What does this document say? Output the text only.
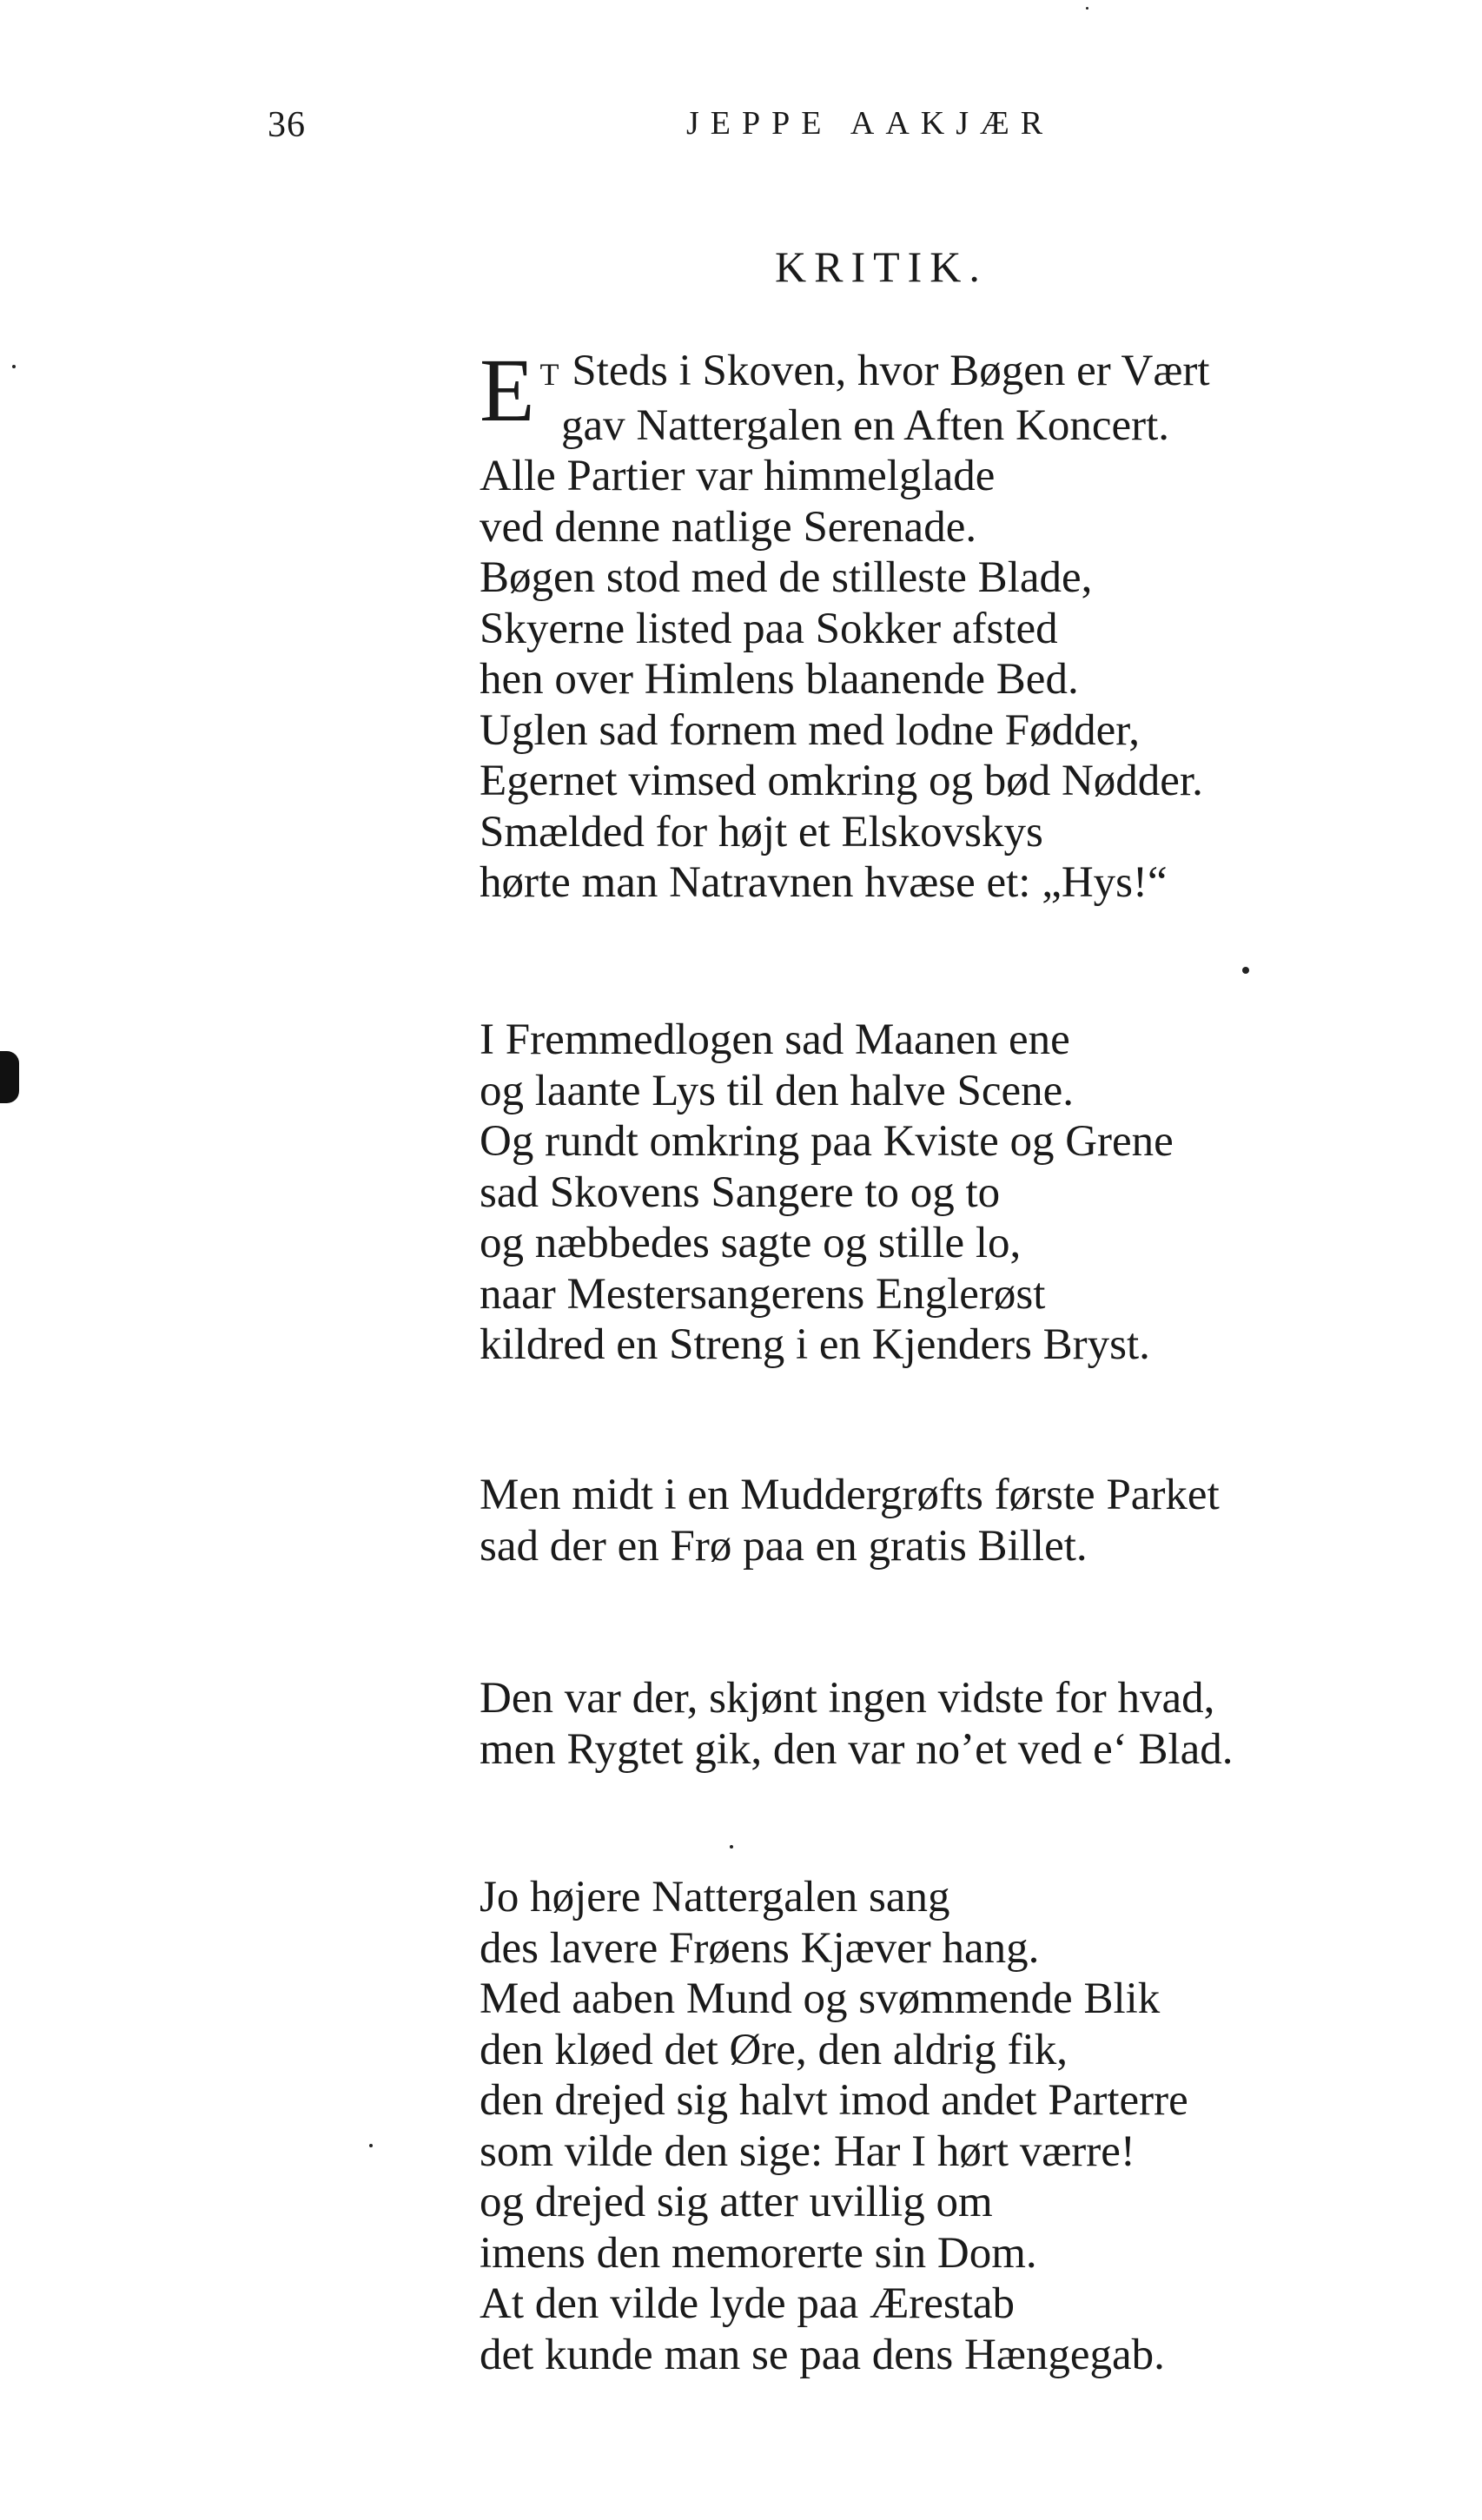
36	JEPPE AAKJÆR
KRITIK.
E T Steds i Skoven, hvor Bøgen er Vært
gav Nattergalen en Aften Koncert.
Alle Partier var himmelglade
ved denne natlige Serenade.
Bøgen stod med de stilleste Blade,
Skyerne listed paa Sokker afsted
hen over Himlens blaanende Bed.
Uglen sad fornem med lodne Fødder,
Egernet vimsed omkring og bød Nødder.
Smælded for højt et Elskovskys
hørte man Natravnen hvæse et: „Hys!“
I Fremmedlogen sad Maanen ene
og laante Lys til den halve Scene.
Og rundt omkring paa Kviste og Grene
sad Skovens Sangere to og to
og næbbedes sagte og stille lo,
naar Mestersangerens Englerøst
kildred en Streng i en Kjenders Bryst.
Men midt i en Muddergrøfts første Parket
sad der en Frø paa en gratis Billet.
Den var der, skjønt ingen vidste for hvad,
men Rygtet gik, den var no’et ved e‘ Blad.
Jo højere Nattergalen sang
des lavere Frøens Kjæver hang.
Med aaben Mund og svømmende Blik
den kløed det Øre, den aldrig fik,
den drejed sig halvt imod andet Parterre
som vilde den sige: Har I hørt værre!
og drejed sig atter uvillig om
imens den memorerte sin Dom.
At den vilde lyde paa Ærestab
det kunde man se paa dens Hængegab.
